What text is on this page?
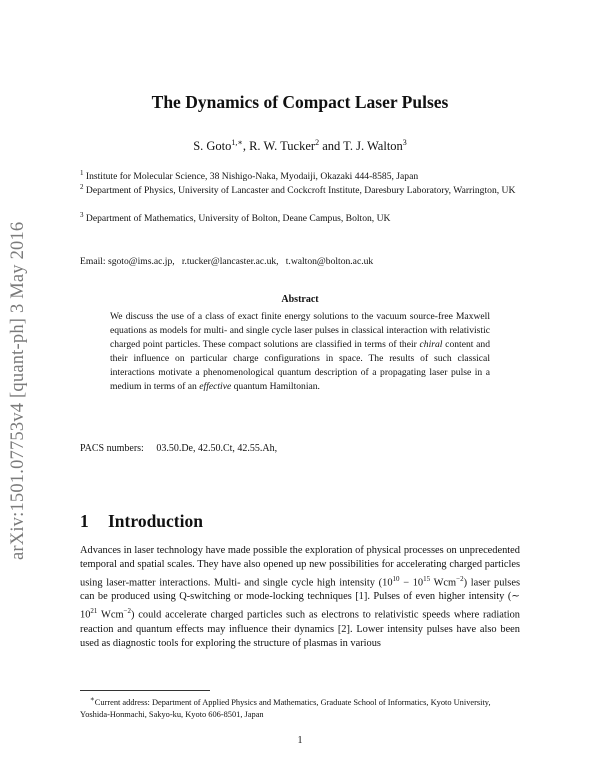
arXiv:1501.07753v4 [quant-ph] 3 May 2016
The Dynamics of Compact Laser Pulses
S. Goto$^{1,∗}$, R. W. Tucker$^2$ and T. J. Walton$^3$
$^1$ Institute for Molecular Science, 38 Nishigo-Naka, Myodaiji, Okazaki 444-8585, Japan
$^2$ Department of Physics, University of Lancaster and Cockcroft Institute, Daresbury Laboratory, Warrington, UK
$^3$ Department of Mathematics, University of Bolton, Deane Campus, Bolton, UK
Email: sgoto@ims.ac.jp,   r.tucker@lancaster.ac.uk,   t.walton@bolton.ac.uk
Abstract
We discuss the use of a class of exact finite energy solutions to the vacuum source-free Maxwell equations as models for multi- and single cycle laser pulses in classical interaction with relativistic charged point particles. These compact solutions are classified in terms of their chiral content and their influence on particular charge configurations in space. The results of such classical interactions motivate a phenomenological quantum description of a propagating laser pulse in a medium in terms of an effective quantum Hamiltonian.
PACS numbers:     03.50.De, 42.50.Ct, 42.55.Ah,
1 Introduction
Advances in laser technology have made possible the exploration of physical processes on unprecedented temporal and spatial scales. They have also opened up new possibilities for accelerating charged particles using laser-matter interactions. Multi- and single cycle high intensity ($10^{10} - 10^{15}$ Wcm$^{-2}$) laser pulses can be produced using Q-switching or mode-locking techniques [1]. Pulses of even higher intensity (∼ $10^{21}$ Wcm$^{-2}$) could accelerate charged particles such as electrons to relativistic speeds where radiation reaction and quantum effects may influence their dynamics [2]. Lower intensity pulses have also been used as diagnostic tools for exploring the structure of plasmas in various
∗Current address: Department of Applied Physics and Mathematics, Graduate School of Informatics, Kyoto University, Yoshida-Honmachi, Sakyo-ku, Kyoto 606-8501, Japan
1
